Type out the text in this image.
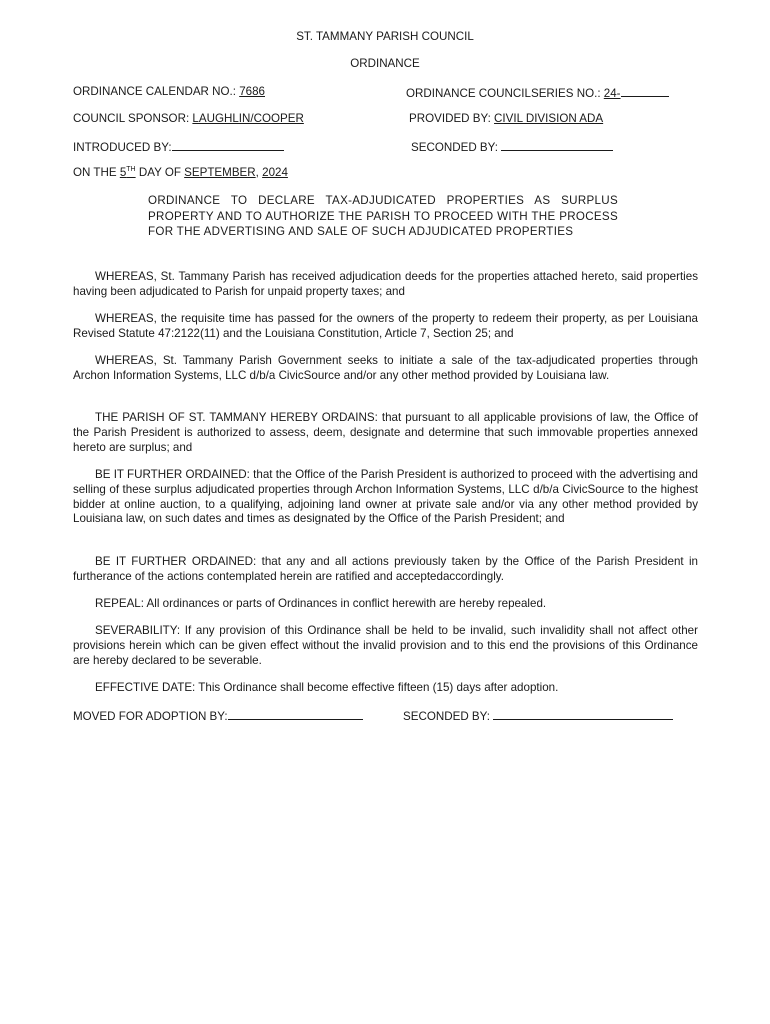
ST. TAMMANY PARISH COUNCIL
ORDINANCE
ORDINANCE CALENDAR NO.: 7686	ORDINANCE COUNCILSERIES NO.: 24-
COUNCIL SPONSOR: LAUGHLIN/COOPER	PROVIDED BY: CIVIL DIVISION ADA
INTRODUCED BY:	SECONDED BY:
ON THE 5TH DAY OF SEPTEMBER, 2024
ORDINANCE TO DECLARE TAX-ADJUDICATED PROPERTIES AS SURPLUS PROPERTY AND TO AUTHORIZE THE PARISH TO PROCEED WITH THE PROCESS FOR THE ADVERTISING AND SALE OF SUCH ADJUDICATED PROPERTIES
WHEREAS, St. Tammany Parish has received adjudication deeds for the properties attached hereto, said properties having been adjudicated to Parish for unpaid property taxes; and
WHEREAS, the requisite time has passed for the owners of the property to redeem their property, as per Louisiana Revised Statute 47:2122(11) and the Louisiana Constitution, Article 7, Section 25; and
WHEREAS, St. Tammany Parish Government seeks to initiate a sale of the tax-adjudicated properties through Archon Information Systems, LLC d/b/a CivicSource and/or any other method provided by Louisiana law.
THE PARISH OF ST. TAMMANY HEREBY ORDAINS: that pursuant to all applicable provisions of law, the Office of the Parish President is authorized to assess, deem, designate and determine that such immovable properties annexed hereto are surplus; and
BE IT FURTHER ORDAINED: that the Office of the Parish President is authorized to proceed with the advertising and selling of these surplus adjudicated properties through Archon Information Systems, LLC d/b/a CivicSource to the highest bidder at online auction, to a qualifying, adjoining land owner at private sale and/or via any other method provided by Louisiana law, on such dates and times as designated by the Office of the Parish President; and
BE IT FURTHER ORDAINED: that any and all actions previously taken by the Office of the Parish President in furtherance of the actions contemplated herein are ratified and acceptedaccordingly.
REPEAL: All ordinances or parts of Ordinances in conflict herewith are hereby repealed.
SEVERABILITY: If any provision of this Ordinance shall be held to be invalid, such invalidity shall not affect other provisions herein which can be given effect without the invalid provision and to this end the provisions of this Ordinance are hereby declared to be severable.
EFFECTIVE DATE: This Ordinance shall become effective fifteen (15) days after adoption.
MOVED FOR ADOPTION BY:	SECONDED BY:
